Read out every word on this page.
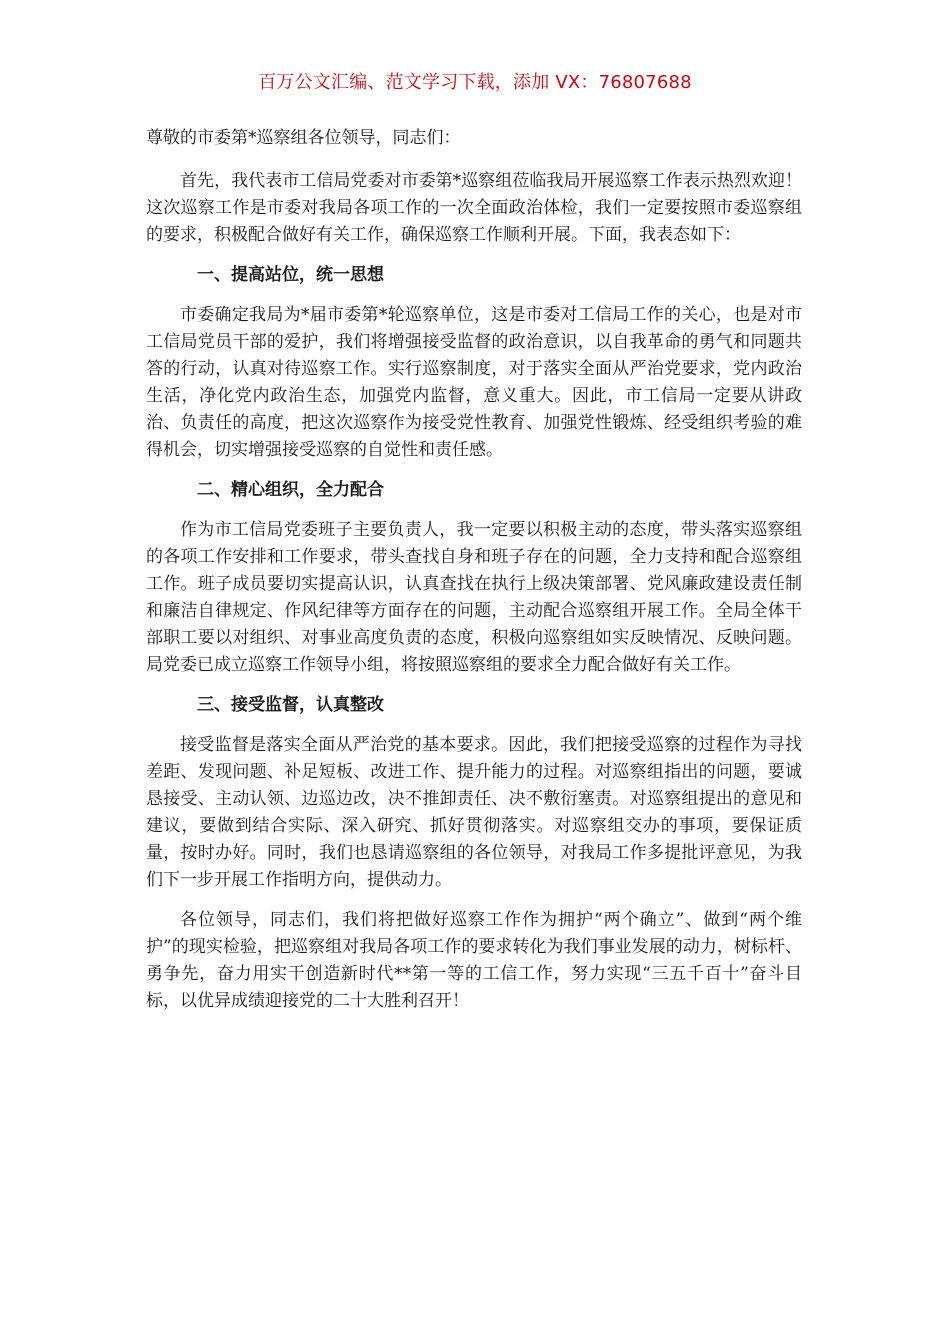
百万公文汇编、范文学习下载，添加 VX：76807688

尊敬的市委第*巡察组各位领导，同志们：

首先，我代表市工信局党委对市委第*巡察组莅临我局开展巡察工作表示热烈欢迎！这次巡察工作是市委对我局各项工作的一次全面政治体检，我们一定要按照市委巡察组的要求，积极配合做好有关工作，确保巡察工作顺利开展。下面，我表态如下：

一、提高站位，统一思想

市委确定我局为*届市委第*轮巡察单位，这是市委对工信局工作的关心，也是对市工信局党员干部的爱护，我们将增强接受监督的政治意识，以自我革命的勇气和同题共答的行动，认真对待巡察工作。实行巡察制度，对于落实全面从严治党要求，党内政治生活，净化党内政治生态，加强党内监督，意义重大。因此，市工信局一定要从讲政治、负责任的高度，把这次巡察作为接受党性教育、加强党性锻炼、经受组织考验的难得机会，切实增强接受巡察的自觉性和责任感。

二、精心组织，全力配合

作为市工信局党委班子主要负责人，我一定要以积极主动的态度，带头落实巡察组的各项工作安排和工作要求，带头查找自身和班子存在的问题，全力支持和配合巡察组工作。班子成员要切实提高认识，认真查找在执行上级决策部署、党风廉政建设责任制和廉洁自律规定、作风纪律等方面存在的问题，主动配合巡察组开展工作。全局全体干部职工要以对组织、对事业高度负责的态度，积极向巡察组如实反映情况、反映问题。局党委已成立巡察工作领导小组，将按照巡察组的要求全力配合做好有关工作。

三、接受监督，认真整改

接受监督是落实全面从严治党的基本要求。因此，我们把接受巡察的过程作为寻找差距、发现问题、补足短板、改进工作、提升能力的过程。对巡察组指出的问题，要诚恳接受、主动认领、边巡边改，决不推卸责任、决不敷衍塞责。对巡察组提出的意见和建议，要做到结合实际、深入研究、抓好贯彻落实。对巡察组交办的事项，要保证质量，按时办好。同时，我们也恳请巡察组的各位领导，对我局工作多提批评意见，为我们下一步开展工作指明方向，提供动力。

各位领导，同志们，我们将把做好巡察工作作为拥护“两个确立”、做到“两个维护”的现实检验，把巡察组对我局各项工作的要求转化为我们事业发展的动力，树标杆、勇争先，奋力用实干创造新时代**第一等的工信工作，努力实现“三五千百十”奋斗目标，以优异成绩迎接党的二十大胜利召开！
